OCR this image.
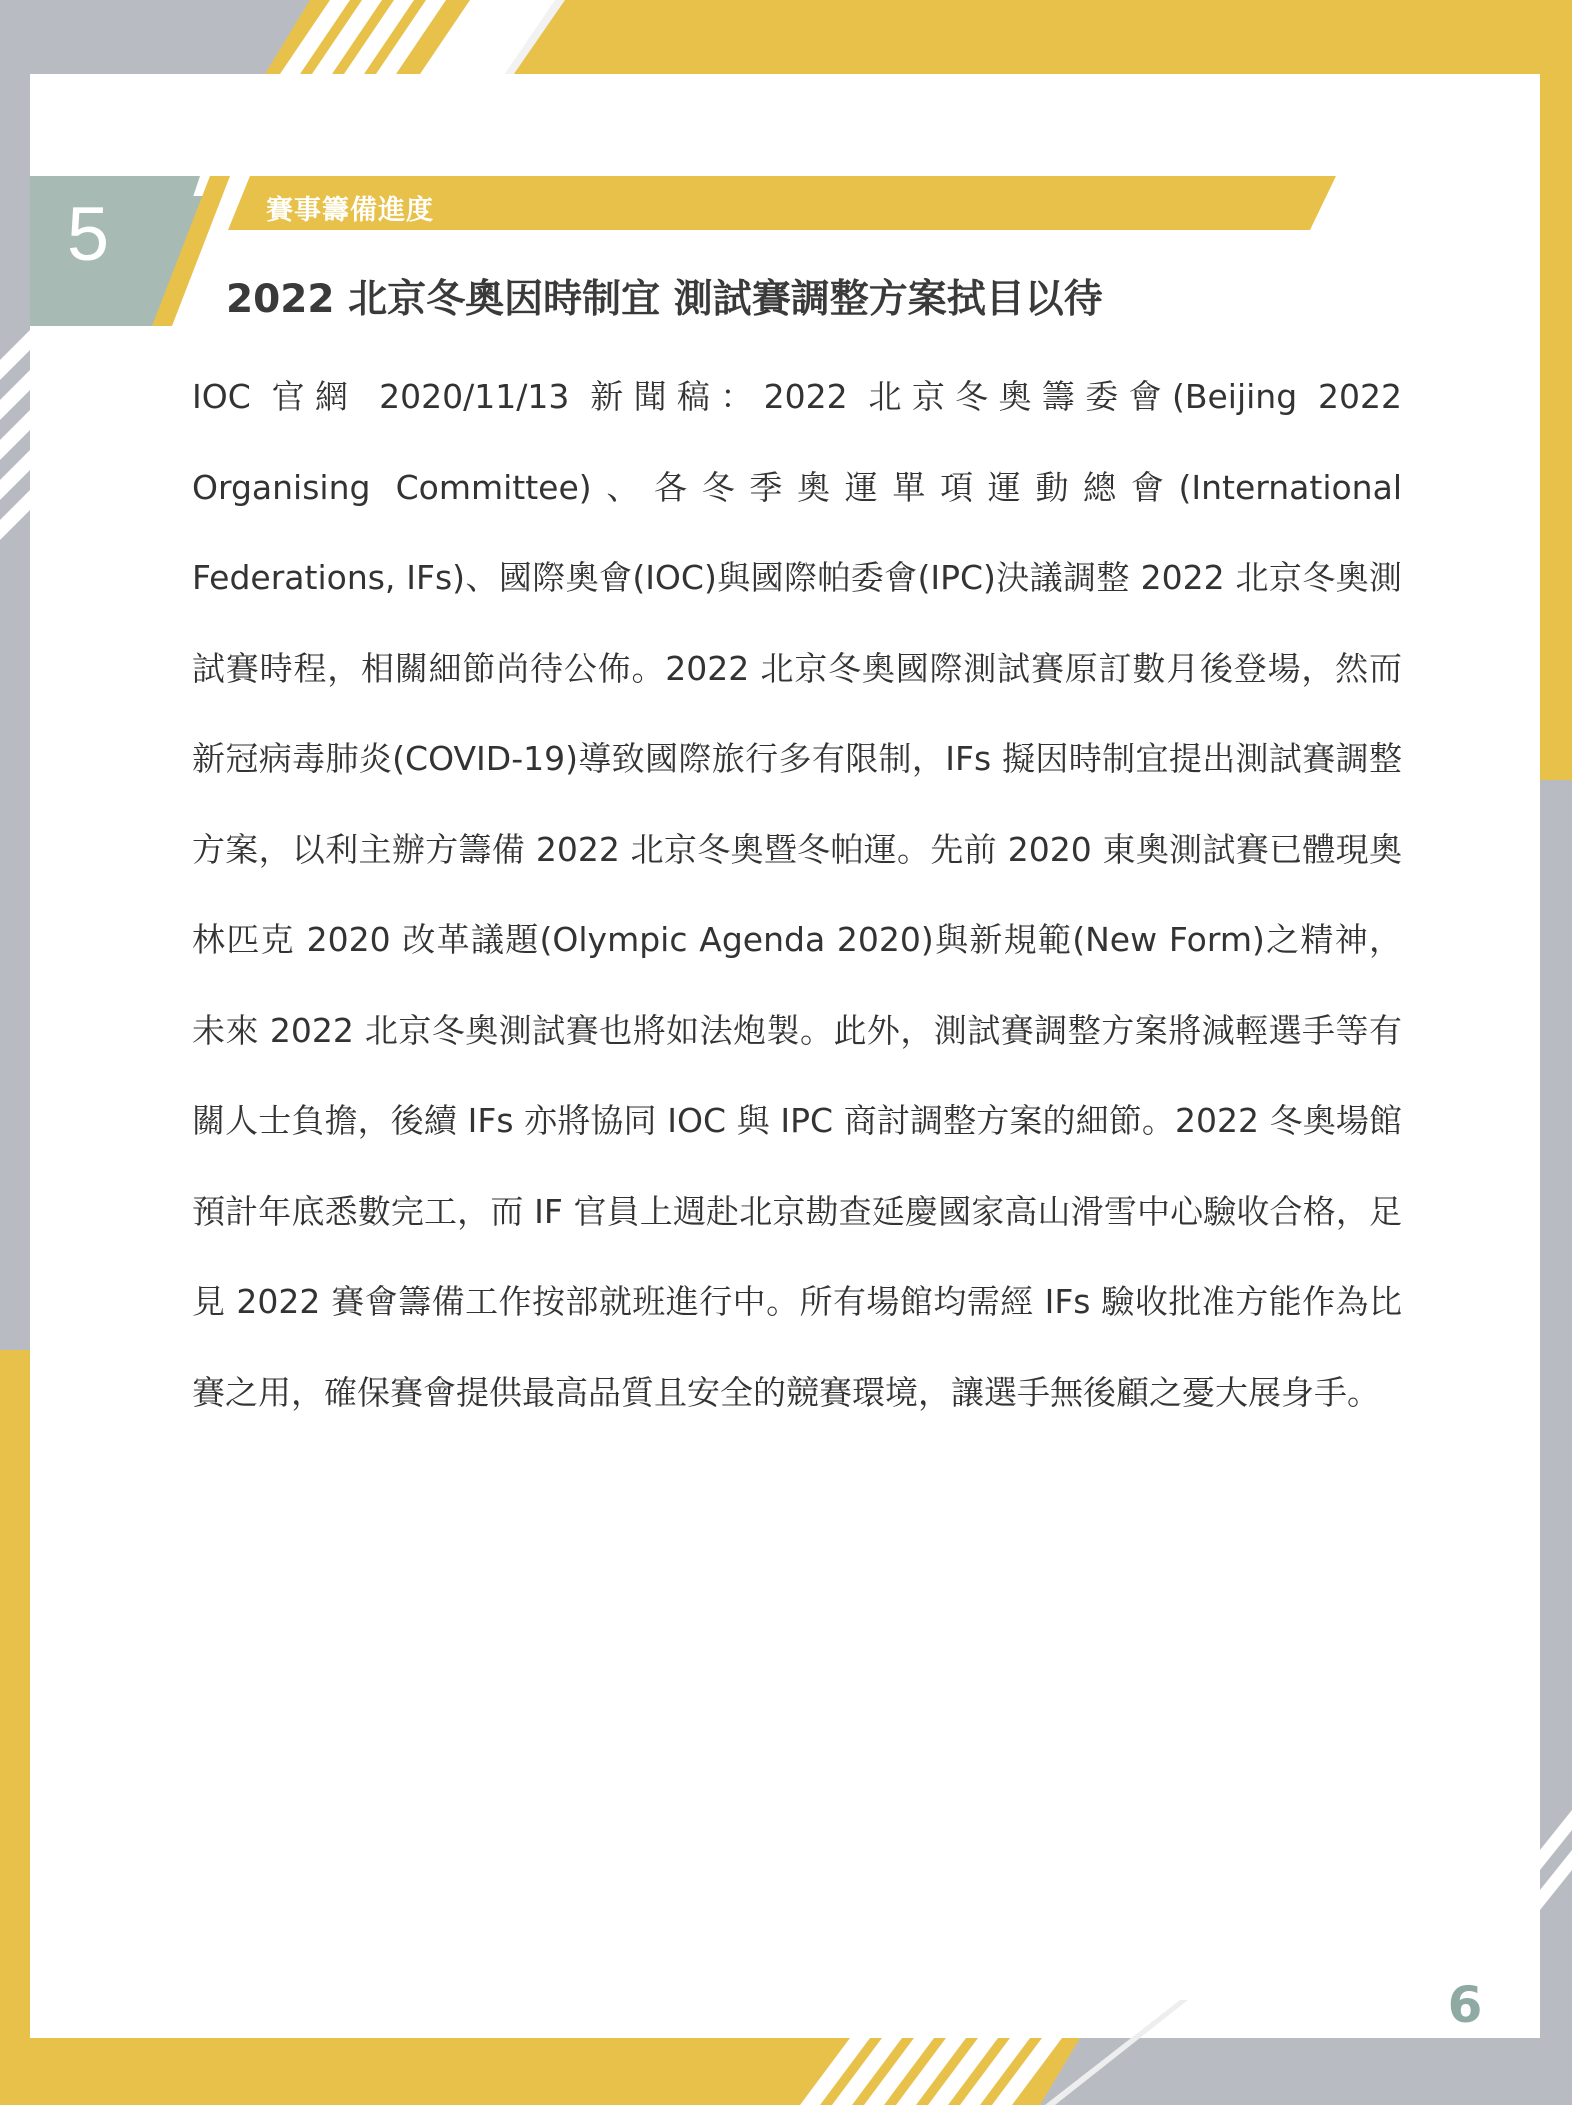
5	賽事籌備進度
2022 北京冬奧因時制宜 測試賽調整方案拭目以待

IOC 官網 2020/11/13 新聞稿：2022 北京冬奧籌委會(Beijing 2022 Organising Committee)、各冬季奧運單項運動總會(International Federations, IFs)、國際奧會(IOC)與國際帕委會(IPC)決議調整 2022 北京冬奧測試賽時程，相關細節尚待公佈。2022 北京冬奧國際測試賽原訂數月後登場，然而新冠病毒肺炎(COVID-19)導致國際旅行多有限制，IFs 擬因時制宜提出測試賽調整方案，以利主辦方籌備 2022 北京冬奧暨冬帕運。先前 2020 東奧測試賽已體現奧林匹克 2020 改革議題(Olympic Agenda 2020)與新規範(New Form)之精神，未來 2022 北京冬奧測試賽也將如法炮製。此外，測試賽調整方案將減輕選手等有關人士負擔，後續 IFs 亦將協同 IOC 與 IPC 商討調整方案的細節。2022 冬奧場館預計年底悉數完工，而 IF 官員上週赴北京勘查延慶國家高山滑雪中心驗收合格，足見 2022 賽會籌備工作按部就班進行中。所有場館均需經 IFs 驗收批准方能作為比賽之用，確保賽會提供最高品質且安全的競賽環境，讓選手無後顧之憂大展身手。

6
